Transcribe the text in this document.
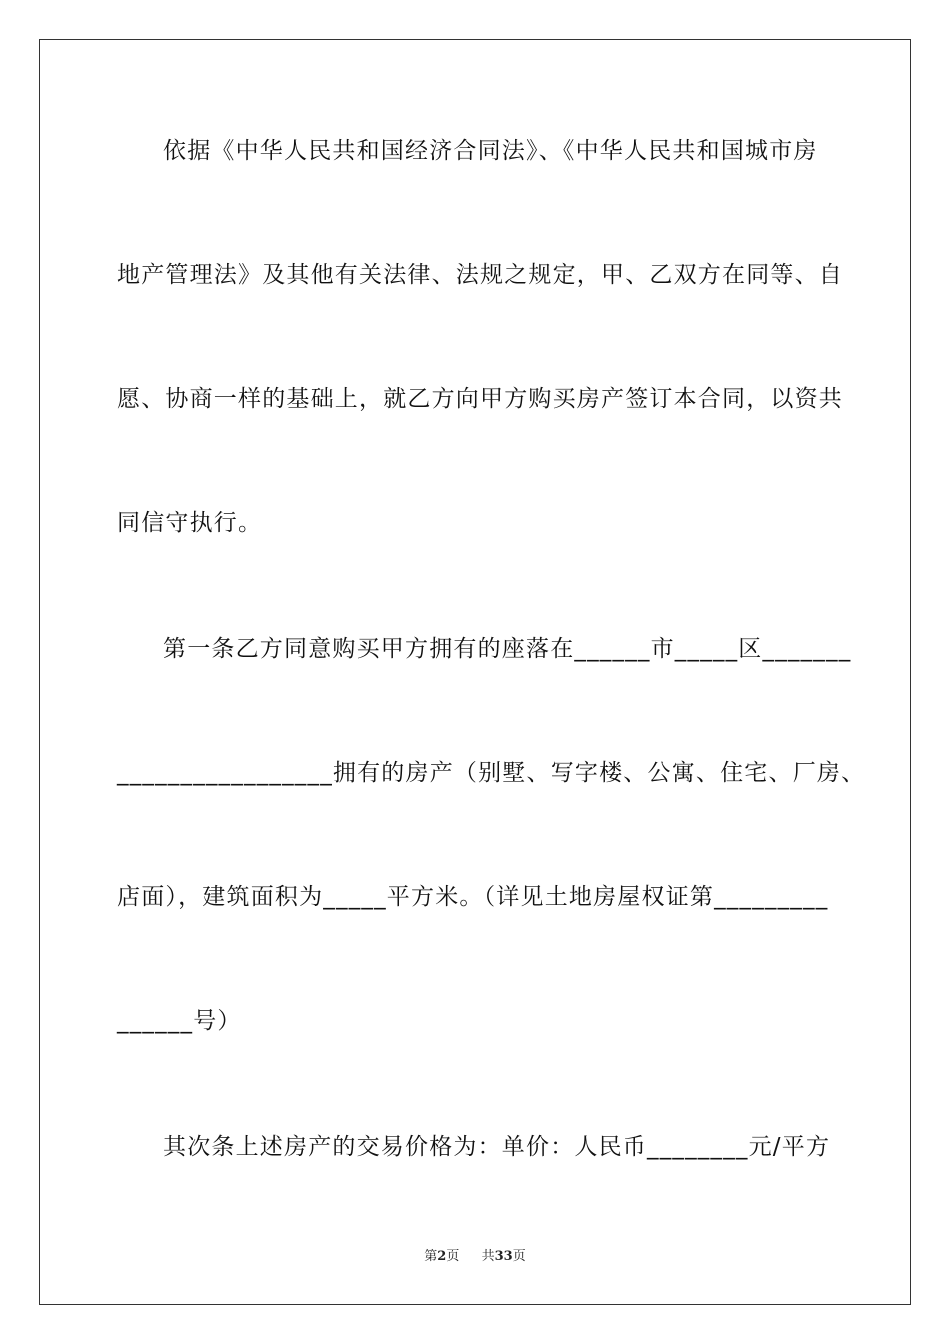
依据《中华人民共和国经济合同法》、《中华人民共和国城市房
地产管理法》及其他有关法律、法规之规定，甲、乙双方在同等、自
愿、协商一样的基础上，就乙方向甲方购买房产签订本合同，以资共
同信守执行。
第一条乙方同意购买甲方拥有的座落在______市_____区_______
_________________拥有的房产（别墅、写字楼、公寓、住宅、厂房、
店面），建筑面积为_____平方米。（详见土地房屋权证第_________
______号）
其次条上述房产的交易价格为：单价：人民币________元/平方
第2页 共33页
